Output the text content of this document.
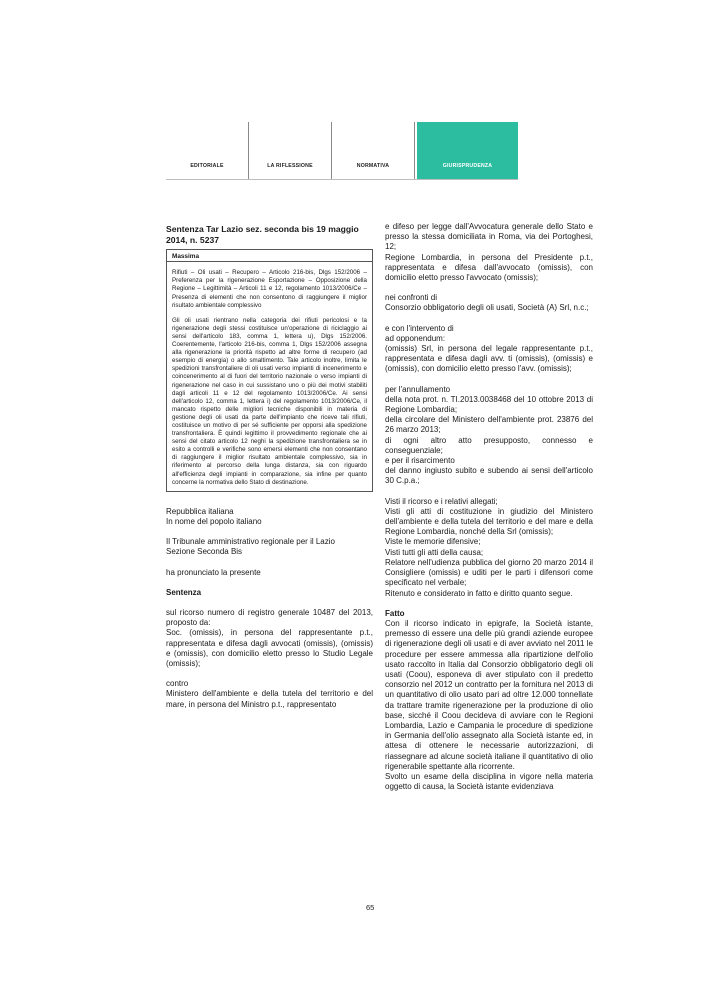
EDITORIALE	LA RIFLESSIONE	NORMATIVA	GIURISPRUDENZA

Sentenza Tar Lazio sez. seconda bis 19 maggio 2014, n. 5237

Massima

Rifiuti – Oli usati – Recupero – Articolo 216-bis, Dlgs 152/2006 – Preferenza per la rigenerazione Esportazione – Opposizione della Regione – Legittimità – Articoli 11 e 12, regolamento 1013/2006/Ce – Presenza di elementi che non consentono di raggiungere il miglior risultato ambientale complessivo

Gli oli usati rientrano nella categoria dei rifiuti pericolosi e la rigenerazione degli stessi costituisce un'operazione di riciclaggio ai sensi dell'articolo 183, comma 1, lettera u), Dlgs 152/2006. Coerentemente, l'articolo 216-bis, comma 1, Dlgs 152/2006 assegna alla rigenerazione la priorità rispetto ad altre forme di recupero (ad esempio di energia) o allo smaltimento. Tale articolo inoltre, limita le spedizioni transfrontaliere di oli usati verso impianti di incenerimento e coincenerimento al di fuori del territorio nazionale o verso impianti di rigenerazione nel caso in cui sussistano uno o più dei motivi stabiliti dagli articoli 11 e 12 del regolamento 1013/2006/Ce. Ai sensi dell'articolo 12, comma 1, lettera i) del regolamento 1013/2006/Ce, il mancato rispetto delle migliori tecniche disponibili in materia di gestione degli oli usati da parte dell'impianto che riceve tali rifiuti, costituisce un motivo di per sé sufficiente per opporsi alla spedizione transfrontaliera. È quindi legittimo il provvedimento regionale che ai sensi del citato articolo 12 neghi la spedizione transfrontaliera se in esito a controlli e verifiche sono emersi elementi che non consentano di raggiungere il miglior risultato ambientale complessivo, sia in riferimento al percorso della lunga distanza, sia con riguardo all'efficienza degli impianti in comparazione, sia infine per quanto concerne la normativa dello Stato di destinazione.

Repubblica italiana
In nome del popolo italiano

Il Tribunale amministrativo regionale per il Lazio
Sezione Seconda Bis

ha pronunciato la presente

Sentenza

sul ricorso numero di registro generale 10487 del 2013, proposto da:
Soc. (omissis), in persona del rappresentante p.t., rappresentata e difesa dagli avvocati (omissis), (omissis) e (omissis), con domicilio eletto presso lo Studio Legale (omissis);

contro
Ministero dell'ambiente e della tutela del territorio e del mare, in persona del Ministro p.t., rappresentato

e difeso per legge dall'Avvocatura generale dello Stato e presso la stessa domiciliata in Roma, via dei Portoghesi, 12;
Regione Lombardia, in persona del Presidente p.t., rappresentata e difesa dall'avvocato (omissis), con domicilio eletto presso l'avvocato (omissis);

nei confronti di
Consorzio obbligatorio degli oli usati, Società (A) Srl, n.c.;

e con l'intervento di
ad opponendum:
(omissis) Srl, in persona del legale rappresentante p.t., rappresentata e difesa dagli avv. ti (omissis), (omissis) e (omissis), con domicilio eletto presso l'avv. (omissis);

per l'annullamento
della nota prot. n. TI.2013.0038468 del 10 ottobre 2013 di Regione Lombardia;
della circolare del Ministero dell'ambiente prot. 23876 del 26 marzo 2013;
di ogni altro atto presupposto, connesso e conseguenziale;
e per il risarcimento
del danno ingiusto subito e subendo ai sensi dell'articolo 30 C.p.a.;

Visti il ricorso e i relativi allegati;
Visti gli atti di costituzione in giudizio del Ministero dell'ambiente e della tutela del territorio e del mare e della Regione Lombardia, nonché della Srl (omissis);
Viste le memorie difensive;
Visti tutti gli atti della causa;
Relatore nell'udienza pubblica del giorno 20 marzo 2014 il Consigliere (omissis) e uditi per le parti i difensori come specificato nel verbale;
Ritenuto e considerato in fatto e diritto quanto segue.

Fatto

Con il ricorso indicato in epigrafe, la Società istante, premesso di essere una delle più grandi aziende europee di rigenerazione degli oli usati e di aver avviato nel 2011 le procedure per essere ammessa alla ripartizione dell'olio usato raccolto in Italia dal Consorzio obbligatorio degli oli usati (Coou), esponeva di aver stipulato con il predetto consorzio nel 2012 un contratto per la fornitura nel 2013 di un quantitativo di olio usato pari ad oltre 12.000 tonnellate da trattare tramite rigenerazione per la produzione di olio base, sicché il Coou decideva di avviare con le Regioni Lombardia, Lazio e Campania le procedure di spedizione in Germania dell'olio assegnato alla Società istante ed, in attesa di ottenere le necessarie autorizzazioni, di riassegnare ad alcune società italiane il quantitativo di olio rigenerabile spettante alla ricorrente.
Svolto un esame della disciplina in vigore nella materia oggetto di causa, la Società istante evidenziava

65
